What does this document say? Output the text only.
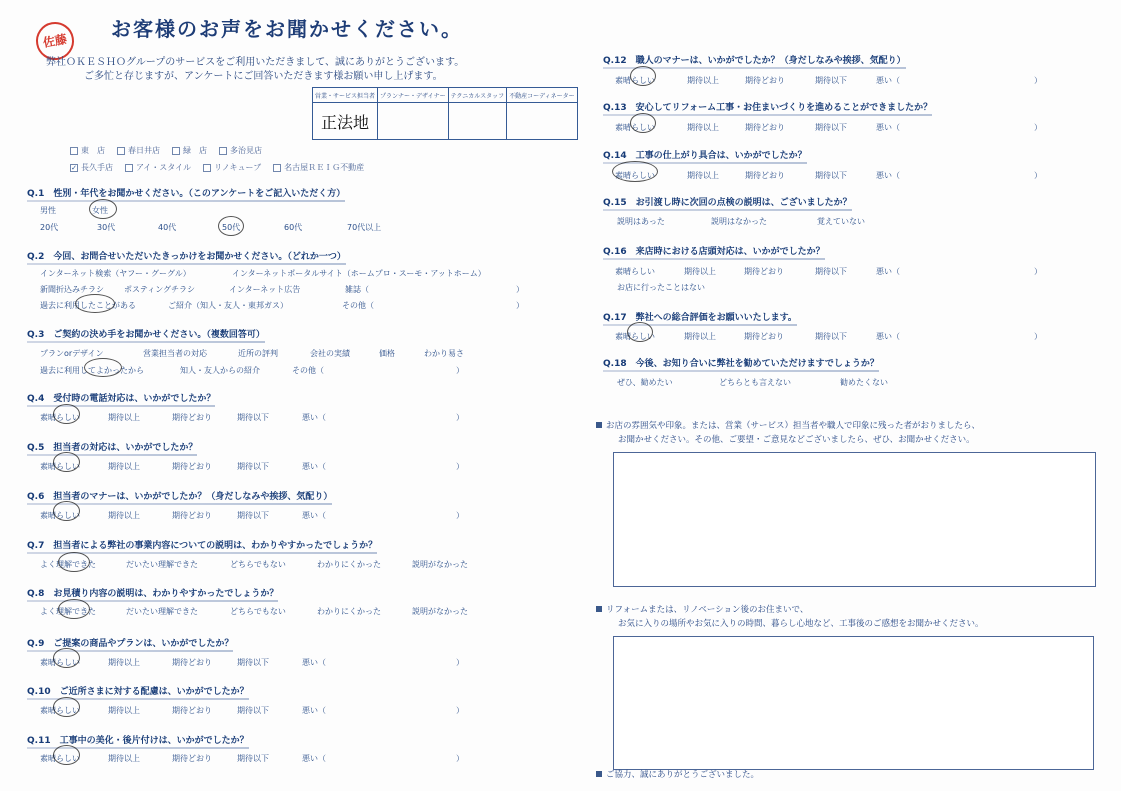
佐藤 お客様のお声をお聞かせください。
弊社ＯＫＥＳＨＯグループのサービスをご利用いただきまして、誠にありがとうございます。
ご多忙と存じますが、アンケートにご回答いただきます様お願い申し上げます。
営業・サービス担当者	プランナー・デザイナー	テクニカルスタッフ	不動産コーディネーター
正法地			
東　店	春日井店	緑　店	多治見店
✓ 長久手店	アイ・スタイル	リノキューブ	名古屋ＲＥＩＧ不動産
Q.1　性別・年代をお聞かせください。（このアンケートをご記入いただく方）
男性	女性
20代	30代	40代	50代	60代	70代以上
Q.2　今回、お問合せいただいたきっかけをお聞かせください。（どれか一つ）
インターネット検索（ヤフー・グーグル）	インターネットポータルサイト（ホームプロ・スーモ・アットホーム）
新聞折込みチラシ	ポスティングチラシ	インターネット広告	雑誌（	）
過去に利用したことがある	ご紹介（知人・友人・東邦ガス）	その他（	）
Q.3　ご契約の決め手をお聞かせください。（複数回答可）
プランorデザイン	営業担当者の対応	近所の評判	会社の実績	価格	わかり易さ
過去に利用してよかったから	知人・友人からの紹介	その他（	）
Q.4　受付時の電話対応は、いかがでしたか？
素晴らしい	期待以上	期待どおり	期待以下	悪い（	）
Q.5　担当者の対応は、いかがでしたか？
素晴らしい	期待以上	期待どおり	期待以下	悪い（	）
Q.6　担当者のマナーは、いかがでしたか？（身だしなみや挨拶、気配り）
素晴らしい	期待以上	期待どおり	期待以下	悪い（	）
Q.7　担当者による弊社の事業内容についての説明は、わかりやすかったでしょうか？
よく理解できた	だいたい理解できた	どちらでもない	わかりにくかった	説明がなかった
Q.8　お見積り内容の説明は、わかりやすかったでしょうか？
よく理解できた	だいたい理解できた	どちらでもない	わかりにくかった	説明がなかった
Q.9　ご提案の商品やプランは、いかがでしたか？
素晴らしい	期待以上	期待どおり	期待以下	悪い（	）
Q.10　ご近所さまに対する配慮は、いかがでしたか？
素晴らしい	期待以上	期待どおり	期待以下	悪い（	）
Q.11　工事中の美化・後片付けは、いかがでしたか？
素晴らしい	期待以上	期待どおり	期待以下	悪い（	）
Q.12　職人のマナーは、いかがでしたか？（身だしなみや挨拶、気配り）
素晴らしい	期待以上	期待どおり	期待以下	悪い（	）
Q.13　安心してリフォーム工事・お住まいづくりを進めることができましたか？
素晴らしい	期待以上	期待どおり	期待以下	悪い（	）
Q.14　工事の仕上がり具合は、いかがでしたか？
素晴らしい	期待以上	期待どおり	期待以下	悪い（	）
Q.15　お引渡し時に次回の点検の説明は、ございましたか？
説明はあった	説明はなかった	覚えていない
Q.16　来店時における店頭対応は、いかがでしたか？
素晴らしい	期待以上	期待どおり	期待以下	悪い（	）
お店に行ったことはない
Q.17　弊社への総合評価をお願いいたします。
素晴らしい	期待以上	期待どおり	期待以下	悪い（	）
Q.18　今後、お知り合いに弊社を勧めていただけますでしょうか？
ぜひ、勧めたい	どちらとも言えない	勧めたくない
お店の雰囲気や印象。または、営業（サービス）担当者や職人で印象に残った者がおりましたら、
お聞かせください。その他、ご要望・ご意見などございましたら、ぜひ、お聞かせください。
リフォームまたは、リノベーション後のお住まいで、
お気に入りの場所やお気に入りの時間、暮らし心地など、工事後のご感想をお聞かせください。
ご協力、誠にありがとうございました。
